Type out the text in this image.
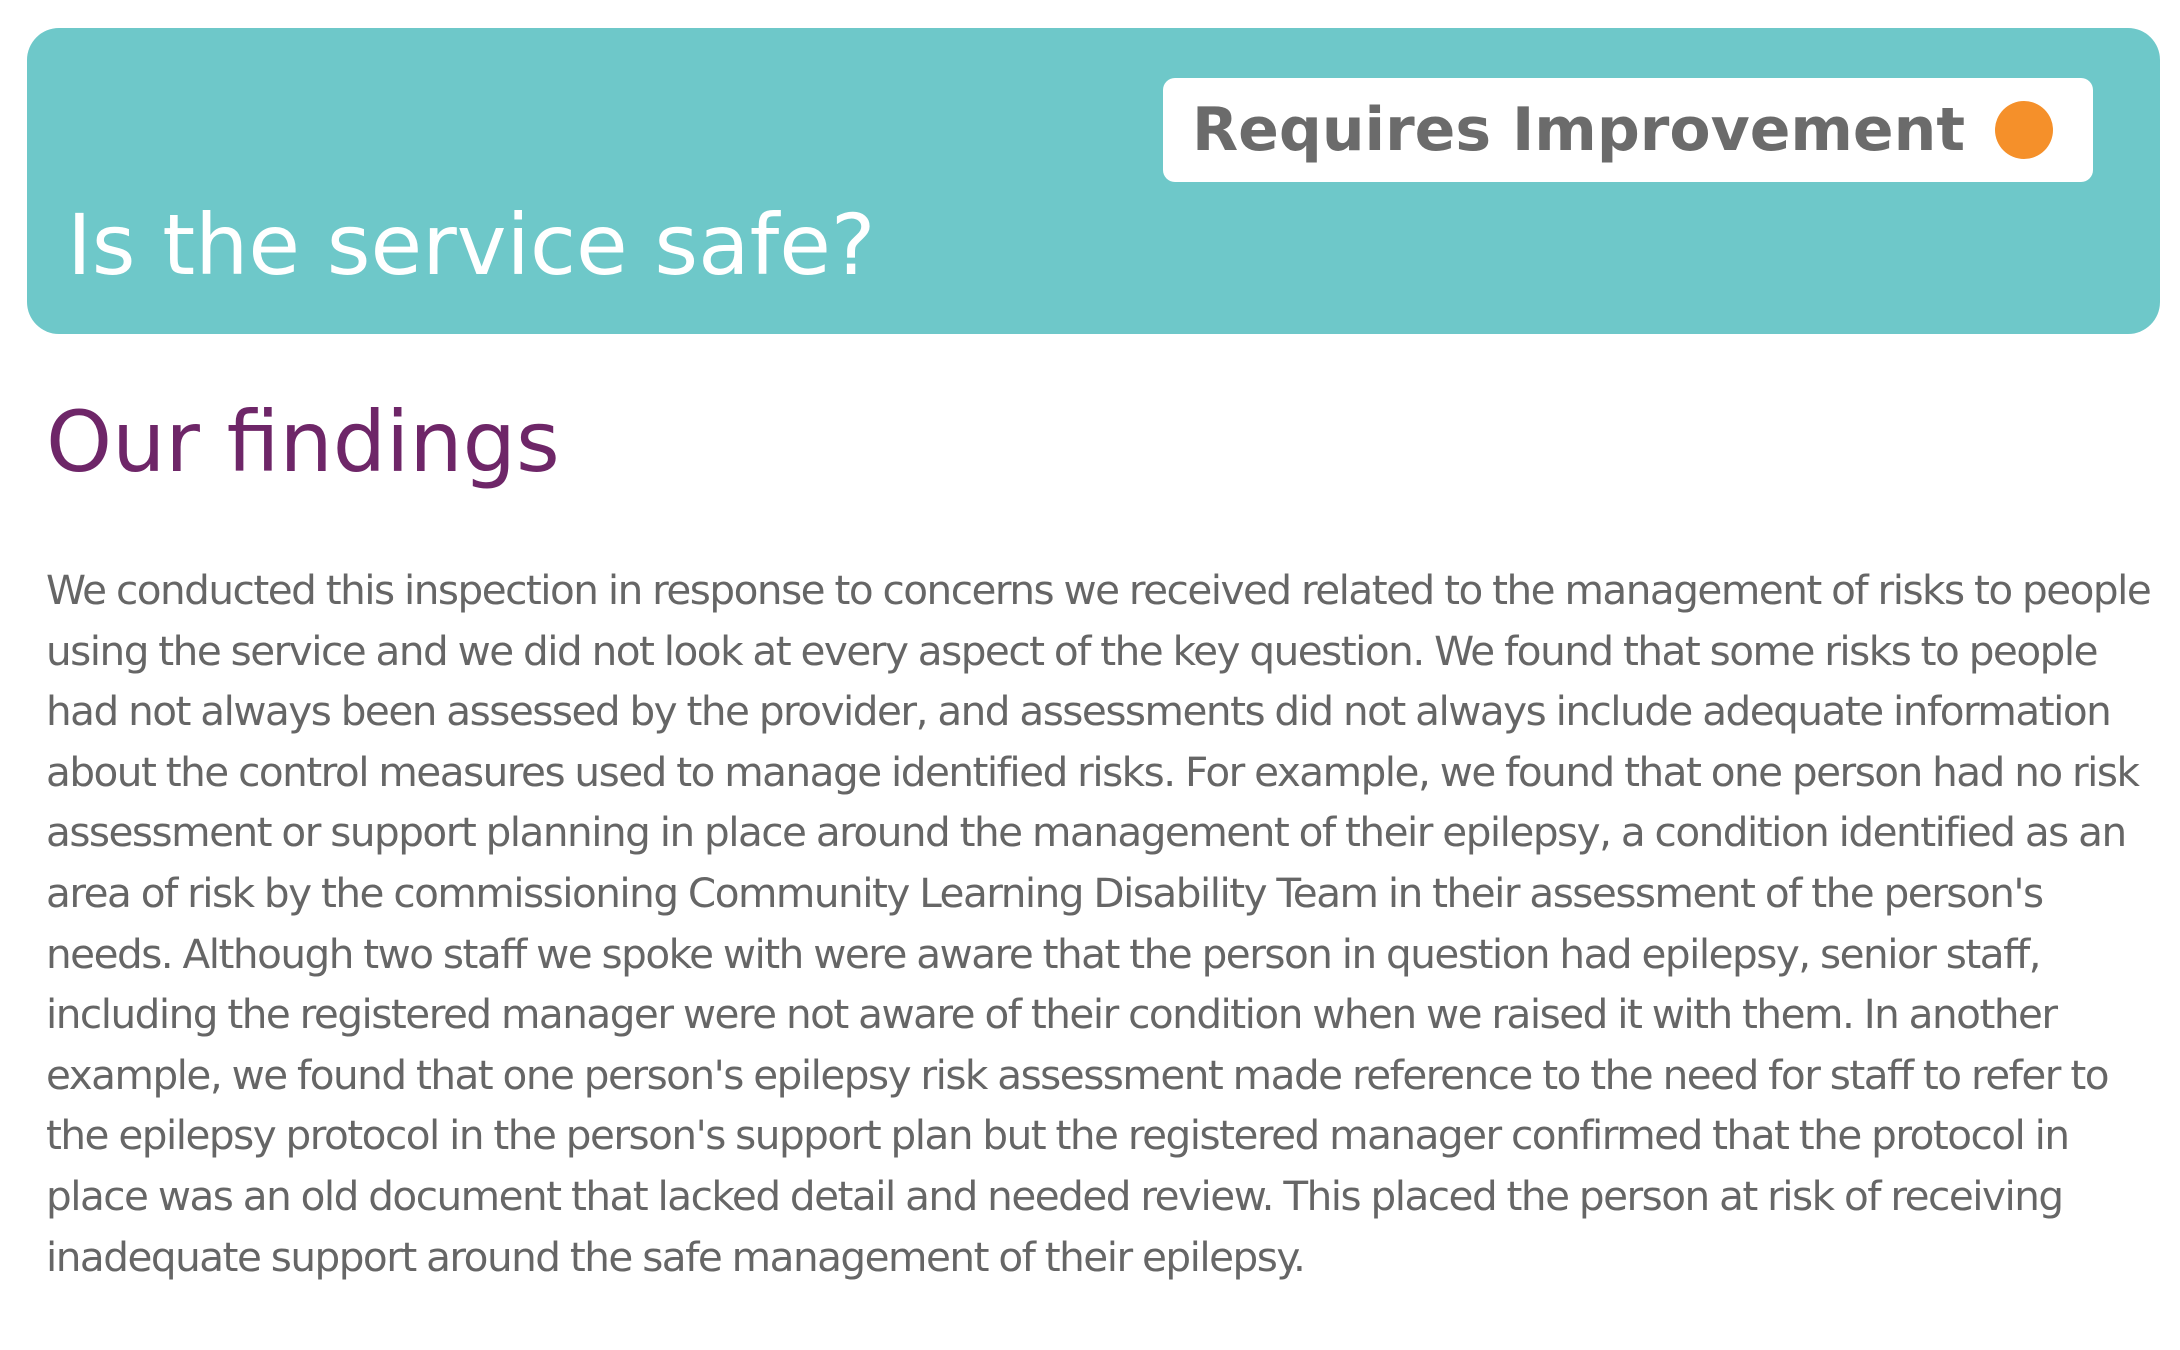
Requires Improvement
Is the service safe?
Our findings

We conducted this inspection in response to concerns we received related to the management of risks to people using the service and we did not look at every aspect of the key question. We found that some risks to people had not always been assessed by the provider, and assessments did not always include adequate information about the control measures used to manage identified risks. For example, we found that one person had no risk assessment or support planning in place around the management of their epilepsy, a condition identified as an area of risk by the commissioning Community Learning Disability Team in their assessment of the person's needs. Although two staff we spoke with were aware that the person in question had epilepsy, senior staff, including the registered manager were not aware of their condition when we raised it with them. In another example, we found that one person's epilepsy risk assessment made reference to the need for staff to refer to the epilepsy protocol in the person's support plan but the registered manager confirmed that the protocol in place was an old document that lacked detail and needed review. This placed the person at risk of receiving inadequate support around the safe management of their epilepsy.
